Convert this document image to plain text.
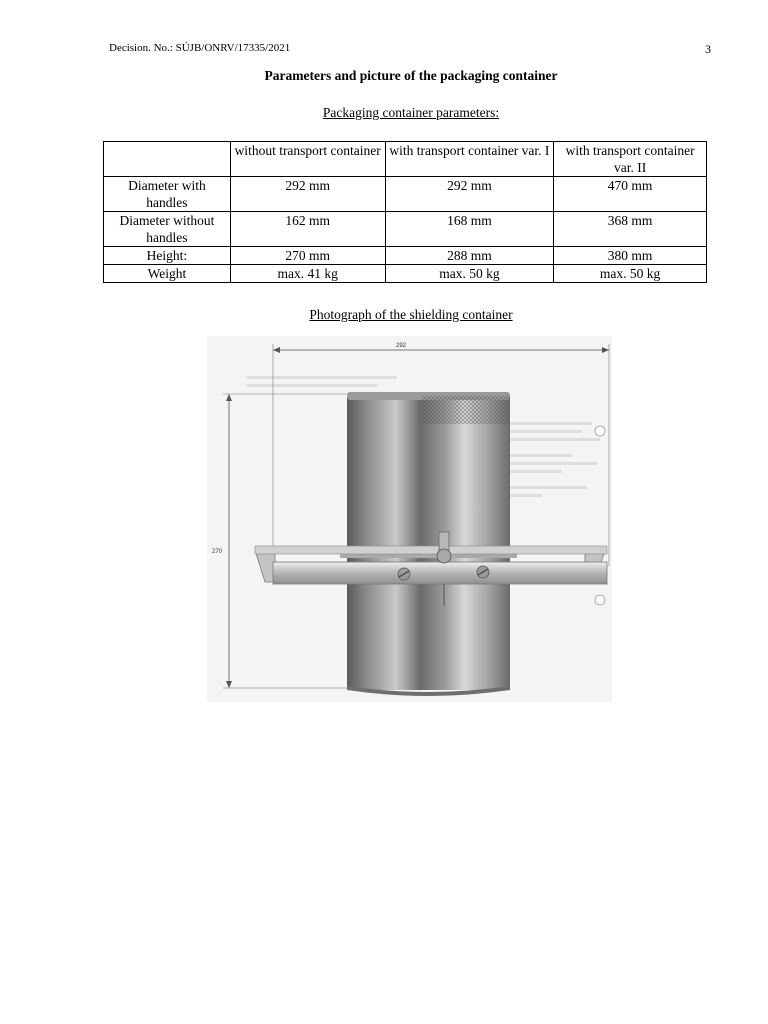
Decision. No.: SÚJB/ONRV/17335/2021	3
Parameters and picture of the packaging container
Packaging container parameters:
	without transport container	with transport container var. I	with transport container var. II
Diameter with handles	292 mm	292 mm	470 mm
Diameter without handles	162 mm	168 mm	368 mm
Height:	270 mm	288 mm	380 mm
Weight	max. 41 kg	max. 50 kg	max. 50 kg
Photograph of the shielding container
292
270
